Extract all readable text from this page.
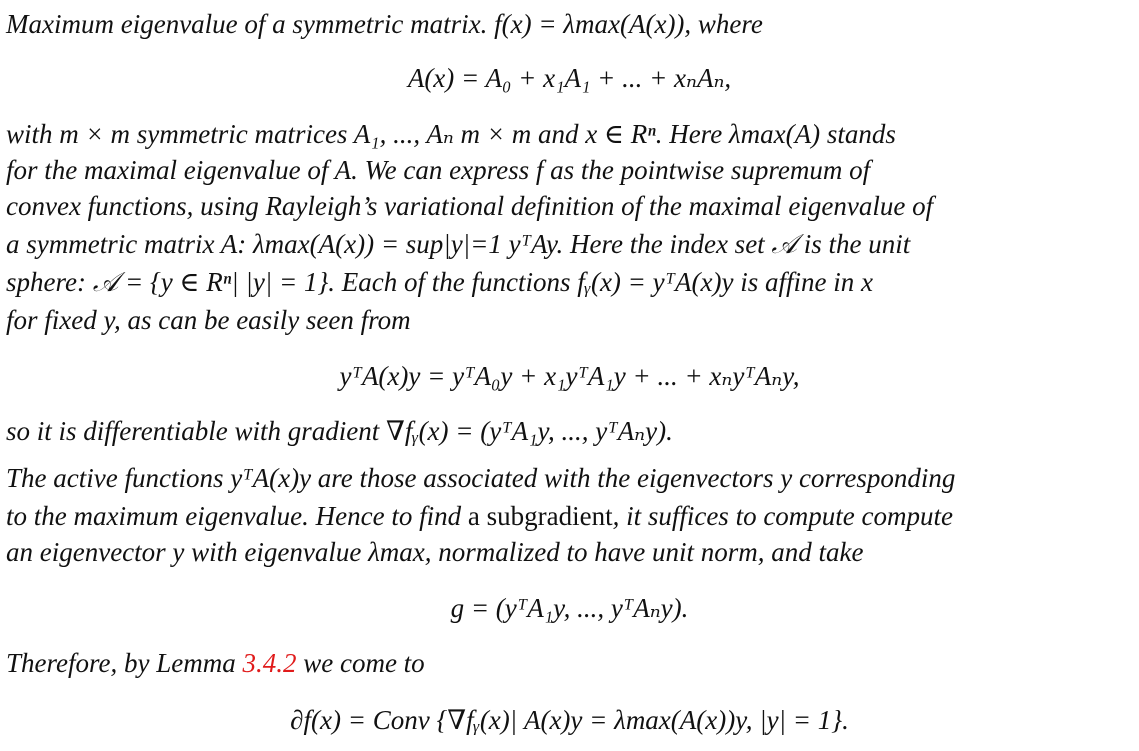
Maximum eigenvalue of a symmetric matrix. f(x) = λmax(A(x)), where
A(x) = A₀ + x₁A₁ + ... + xₙAₙ,
with m × m symmetric matrices A₁, ..., Aₙ m × m and x ∈ Rⁿ. Here λmax(A) stands
for the maximal eigenvalue of A. We can express f as the pointwise supremum of
convex functions, using Rayleigh’s variational definition of the maximal eigenvalue of
a symmetric matrix A: λmax(A(x)) = sup|y|=1 yᵀAy. Here the index set 𝒜 is the unit
sphere: 𝒜 = {y ∈ Rⁿ| |y| = 1}. Each of the functions fᵧ(x) = yᵀA(x)y is affine in x
for fixed y, as can be easily seen from
yᵀA(x)y = yᵀA₀y + x₁yᵀA₁y + ... + xₙyᵀAₙy,
so it is differentiable with gradient ∇fᵧ(x) = (yᵀA₁y, ..., yᵀAₙy).
The active functions yᵀA(x)y are those associated with the eigenvectors y corresponding
to the maximum eigenvalue. Hence to find a subgradient, it suffices to compute compute
an eigenvector y with eigenvalue λmax, normalized to have unit norm, and take
g = (yᵀA₁y, ..., yᵀAₙy).
Therefore, by Lemma 3.4.2 we come to
∂f(x) = Conv {∇fᵧ(x)| A(x)y = λmax(A(x))y, |y| = 1}.
